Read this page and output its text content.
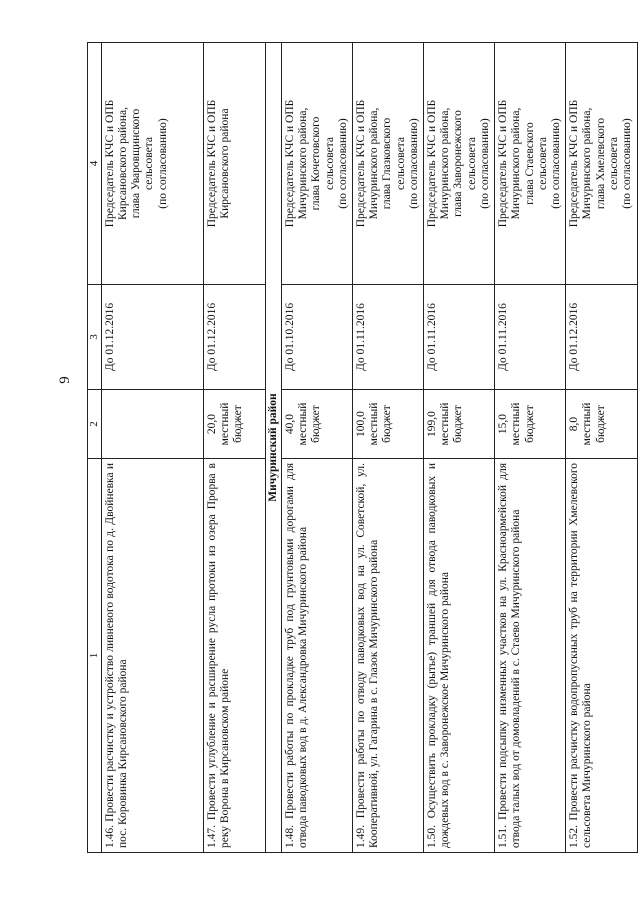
9
1	2	3	4
1.46. Провести расчистку и устройство ливневого водотока по д. Двойневка и пос. Коровинка Кирсановского района		До 01.12.2016	Председатель КЧС и ОПБ Кирсановского района, глава Уваровщинского сельсовета (по согласованию)

1.47. Провести углубление и расширение русла протоки из озера Прорва в реку Ворона в Кирсановском районе	20,0 местный бюджет	До 01.12.2016	Председатель КЧС и ОПБ Кирсановского района

Мичуринский район			
1.48. Провести работы по прокладке труб под грунтовыми дорогами для отвода паводковых вод в д. Александровка Мичуринского района	40,0 местный бюджет	До 01.10.2016	Председатель КЧС и ОПБ Мичуринского района, глава Кочетовского сельсовета (по согласованию)

1.49. Провести работы по отводу паводковых вод на ул. Советской, ул. Кооперативной, ул. Гагарина в с. Глазок Мичуринского района	100,0 местный бюджет	До 01.11.2016	Председатель КЧС и ОПБ Мичуринского района, глава Глазковского сельсовета (по согласованию)

1.50. Осуществить прокладку (рытье) траншей для отвода паводковых и дождевых вод в с. Заворонежское Мичуринского района	199,0 местный бюджет	До 01.11.2016	Председатель КЧС и ОПБ Мичуринского района, глава Заворонежского сельсовета (по согласованию)

1.51. Провести подсыпку низменных участков на ул. Красноармейской для отвода талых вод от домовладений в с. Стаево Мичуринского района	15,0 местный бюджет	До 01.11.2016	Председатель КЧС и ОПБ Мичуринского района, глава Стаевского сельсовета (по согласованию)

1.52. Провести расчистку водопропускных труб на территории Хмелевского сельсовета Мичуринского района	8,0 местный бюджет	До 01.12.2016	Председатель КЧС и ОПБ Мичуринского района, глава Хмелевского сельсовета (по согласованию)
